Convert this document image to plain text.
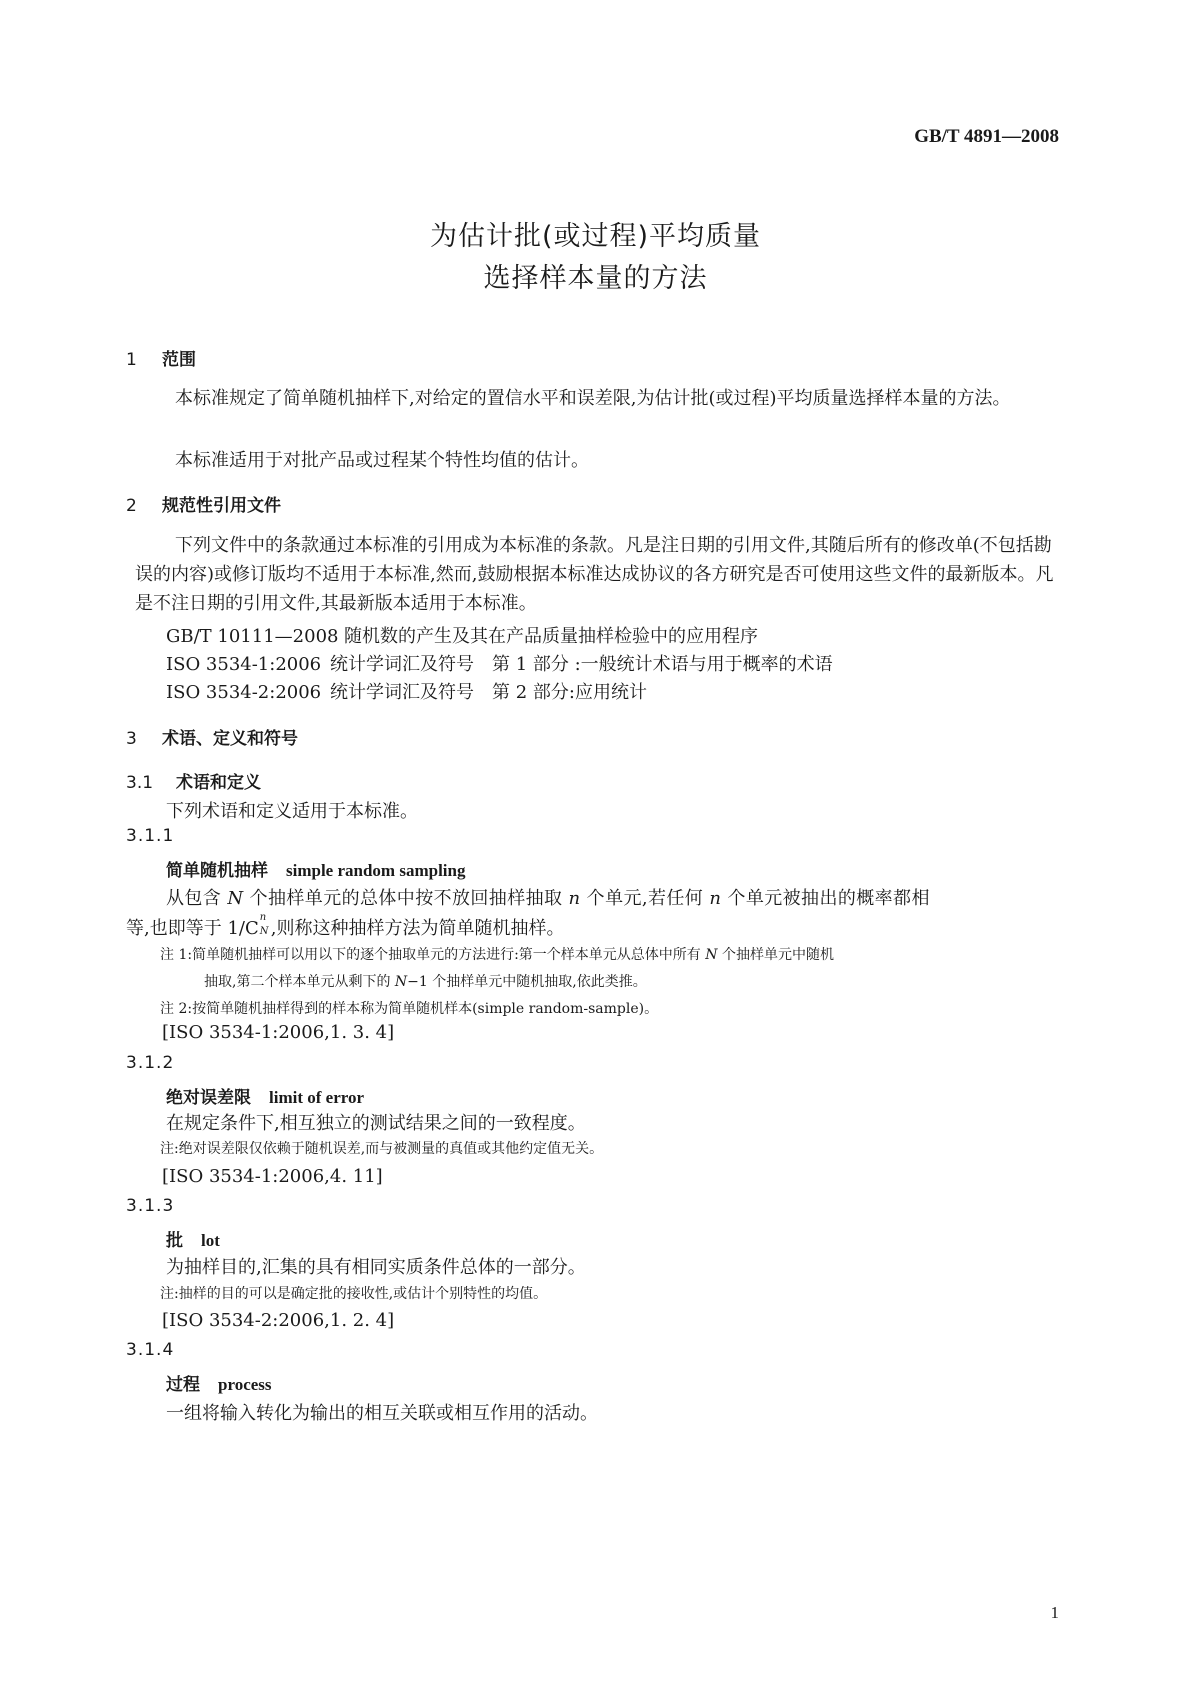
GB/T 4891—2008
为估计批(或过程)平均质量
选择样本量的方法
1 范围
本标准规定了简单随机抽样下,对给定的置信水平和误差限,为估计批(或过程)平均质量选择样本量的方法。
本标准适用于对批产品或过程某个特性均值的估计。
2 规范性引用文件
下列文件中的条款通过本标准的引用成为本标准的条款。凡是注日期的引用文件,其随后所有的修改单(不包括勘误的内容)或修订版均不适用于本标准,然而,鼓励根据本标准达成协议的各方研究是否可使用这些文件的最新版本。凡是不注日期的引用文件,其最新版本适用于本标准。
GB/T 10111—2008 随机数的产生及其在产品质量抽样检验中的应用程序
ISO 3534-1:2006 统计学词汇及符号　第 1 部分 :一般统计术语与用于概率的术语
ISO 3534-2:2006 统计学词汇及符号　第 2 部分:应用统计
3 术语、定义和符号
3.1 术语和定义
下列术语和定义适用于本标准。
3.1.1
简单随机抽样 simple random sampling
从包含 N 个抽样单元的总体中按不放回抽样抽取 n 个单元,若任何 n 个单元被抽出的概率都相
等,也即等于 1/C
n
N ,则称这种抽样方法为简单随机抽样。
注 1:简单随机抽样可以用以下的逐个抽取单元的方法进行:第一个样本单元从总体中所有 N 个抽样单元中随机
抽取,第二个样本单元从剩下的 N−1 个抽样单元中随机抽取,依此类推。
注 2:按简单随机抽样得到的样本称为简单随机样本(simple random-sample)。
[ISO 3534-1:2006,1. 3. 4]
3.1.2
绝对误差限 limit of error
在规定条件下,相互独立的测试结果之间的一致程度。
注:绝对误差限仅依赖于随机误差,而与被测量的真值或其他约定值无关。
[ISO 3534-1:2006,4. 11]
3.1.3
批 lot
为抽样目的,汇集的具有相同实质条件总体的一部分。
注:抽样的目的可以是确定批的接收性,或估计个别特性的均值。
[ISO 3534-2:2006,1. 2. 4]
3.1.4
过程 process
一组将输入转化为输出的相互关联或相互作用的活动。
1
